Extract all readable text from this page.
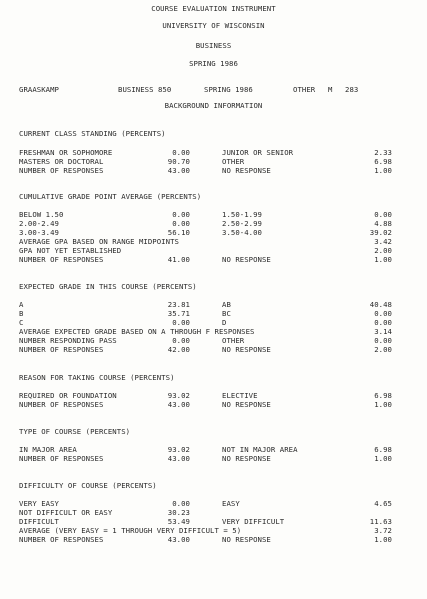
COURSE EVALUATION INSTRUMENT
UNIVERSITY OF WISCONSIN
BUSINESS
SPRING 1986
GRAASKAMP	BUSINESS 850	SPRING 1986	OTHER M 283
BACKGROUND INFORMATION
CURRENT CLASS STANDING (PERCENTS)
FRESHMAN OR SOPHOMORE	0.00	JUNIOR OR SENIOR	2.33
MASTERS OR DOCTORAL	90.70	OTHER	6.98
NUMBER OF RESPONSES	43.00	NO RESPONSE	1.00
CUMULATIVE GRADE POINT AVERAGE (PERCENTS)
BELOW 1.50	0.00	1.50-1.99	0.00
2.00-2.49	0.00	2.50-2.99	4.88
3.00-3.49	56.10	3.50-4.00	39.02
AVERAGE GPA BASED ON RANGE MIDPOINTS	3.42
GPA NOT YET ESTABLISHED	2.00
NUMBER OF RESPONSES	41.00	NO RESPONSE	1.00
EXPECTED GRADE IN THIS COURSE (PERCENTS)
A	23.81	AB	40.48
B	35.71	BC	0.00
C	0.00	D	0.00
AVERAGE EXPECTED GRADE BASED ON A THROUGH F RESPONSES	3.14
NUMBER RESPONDING PASS	0.00	OTHER	0.00
NUMBER OF RESPONSES	42.00	NO RESPONSE	2.00
REASON FOR TAKING COURSE (PERCENTS)
REQUIRED OR FOUNDATION	93.02	ELECTIVE	6.98
NUMBER OF RESPONSES	43.00	NO RESPONSE	1.00
TYPE OF COURSE (PERCENTS)
IN MAJOR AREA	93.02	NOT IN MAJOR AREA	6.98
NUMBER OF RESPONSES	43.00	NO RESPONSE	1.00
DIFFICULTY OF COURSE (PERCENTS)
VERY EASY	0.00	EASY	4.65
NOT DIFFICULT OR EASY	30.23
DIFFICULT	53.49	VERY DIFFICULT	11.63
AVERAGE (VERY EASY = 1 THROUGH VERY DIFFICULT = 5)	3.72
NUMBER OF RESPONSES	43.00	NO RESPONSE	1.00
